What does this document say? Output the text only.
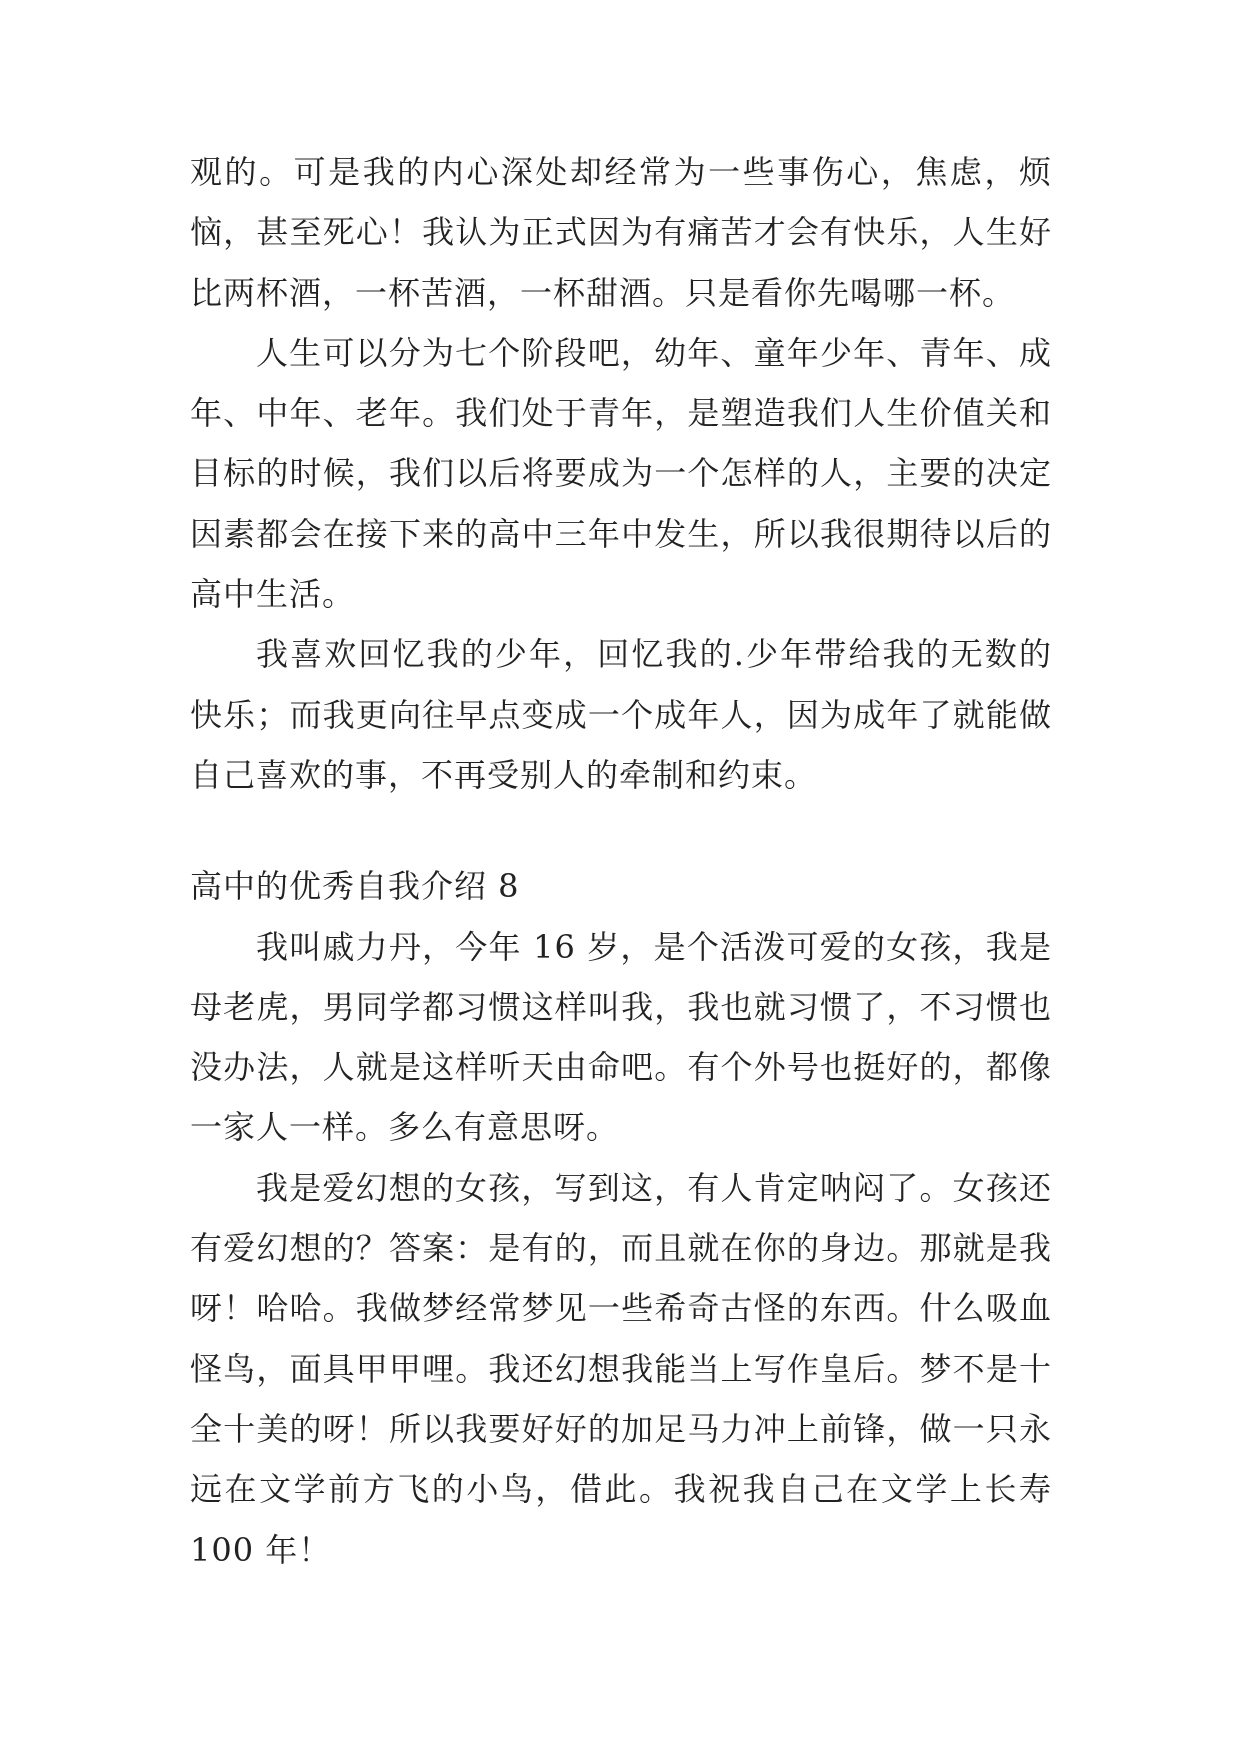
观的。可是我的内心深处却经常为一些事伤心，焦虑，烦恼，甚至死心！我认为正式因为有痛苦才会有快乐，人生好比两杯酒，一杯苦酒，一杯甜酒。只是看你先喝哪一杯。

人生可以分为七个阶段吧，幼年、童年少年、青年、成年、中年、老年。我们处于青年，是塑造我们人生价值关和目标的时候，我们以后将要成为一个怎样的人，主要的决定因素都会在接下来的高中三年中发生，所以我很期待以后的高中生活。

我喜欢回忆我的少年，回忆我的.少年带给我的无数的快乐；而我更向往早点变成一个成年人，因为成年了就能做自己喜欢的事，不再受别人的牵制和约束。

高中的优秀自我介绍 8

我叫戚力丹，今年 16 岁，是个活泼可爱的女孩，我是母老虎，男同学都习惯这样叫我，我也就习惯了，不习惯也没办法，人就是这样听天由命吧。有个外号也挺好的，都像一家人一样。多么有意思呀。

我是爱幻想的女孩，写到这，有人肯定呐闷了。女孩还有爱幻想的？答案：是有的，而且就在你的身边。那就是我呀！哈哈。我做梦经常梦见一些希奇古怪的东西。什么吸血怪鸟，面具甲甲哩。我还幻想我能当上写作皇后。梦不是十全十美的呀！所以我要好好的加足马力冲上前锋，做一只永远在文学前方飞的小鸟，借此。我祝我自己在文学上长寿 100 年！
